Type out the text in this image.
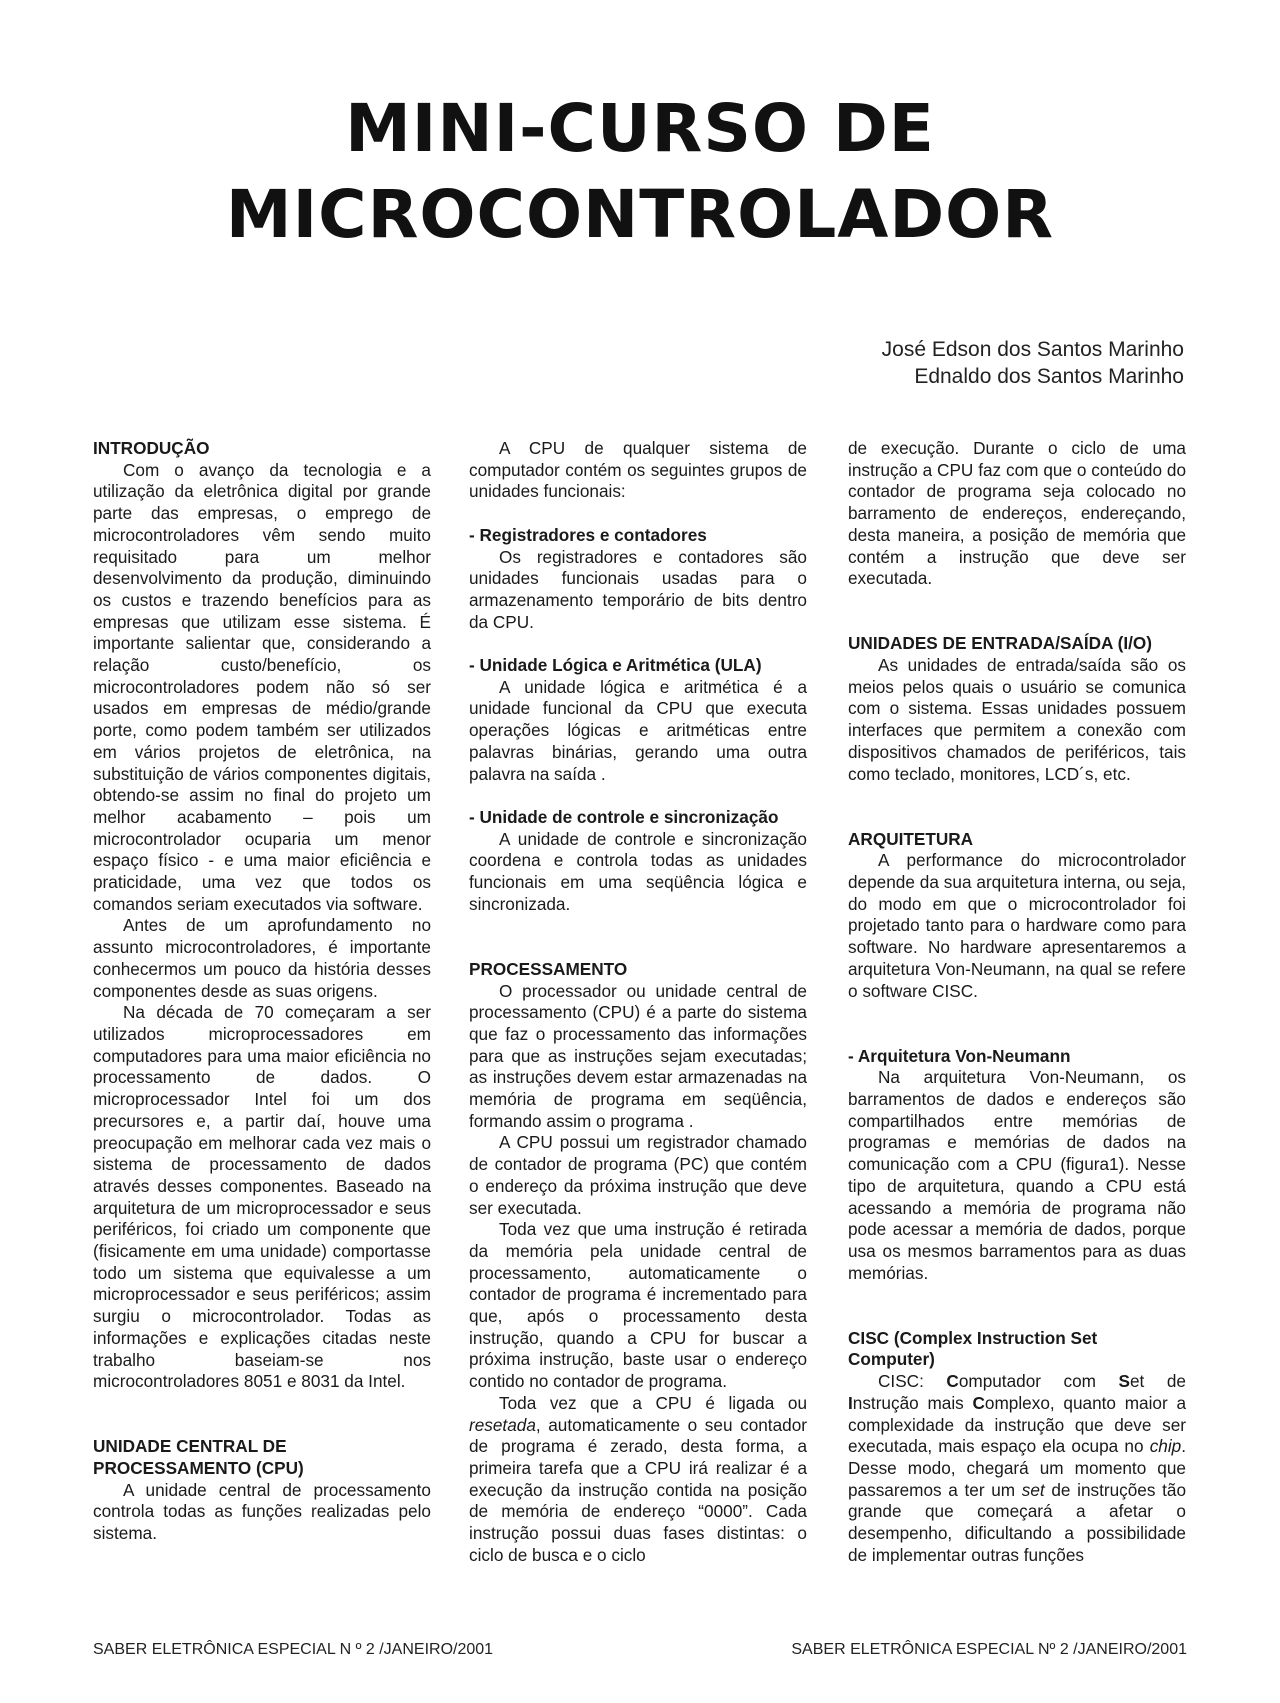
MINI-CURSO DE
MICROCONTROLADOR
José Edson dos Santos Marinho
Ednaldo dos Santos Marinho
INTRODUÇÃO

Com o avanço da tecnologia e a utilização da eletrônica digital por grande parte das empresas, o emprego de microcontroladores vêm sendo muito requisitado para um melhor desenvolvimento da produção, diminuindo os custos e trazendo benefícios para as empresas que utilizam esse sistema. É importante salientar que, considerando a relação custo/benefício, os microcontroladores podem não só ser usados em empresas de médio/grande porte, como podem também ser utilizados em vários projetos de eletrônica, na substituição de vários componentes digitais, obtendo-se assim no final do projeto um melhor acabamento – pois um microcontrolador ocuparia um menor espaço físico - e uma maior eficiência e praticidade, uma vez que todos os comandos seriam executados via software.

Antes de um aprofundamento no assunto microcontroladores, é importante conhecermos um pouco da história desses componentes desde as suas origens.

Na década de 70 começaram a ser utilizados microprocessadores em computadores para uma maior eficiência no processamento de dados. O microprocessador Intel foi um dos precursores e, a partir daí, houve uma preocupação em melhorar cada vez mais o sistema de processamento de dados através desses componentes. Baseado na arquitetura de um microprocessador e seus periféricos, foi criado um componente que (fisicamente em uma unidade) comportasse todo um sistema que equivalesse a um microprocessador e seus periféricos; assim surgiu o microcontrolador. Todas as informações e explicações citadas neste trabalho baseiam-se nos microcontroladores 8051 e 8031 da Intel.

UNIDADE CENTRAL DE
PROCESSAMENTO (CPU)

A unidade central de processamento controla todas as funções realizadas pelo sistema.

A CPU de qualquer sistema de computador contém os seguintes grupos de unidades funcionais:

- Registradores e contadores

Os registradores e contadores são unidades funcionais usadas para o armazenamento temporário de bits dentro da CPU.

- Unidade Lógica e Aritmética (ULA)

A unidade lógica e aritmética é a unidade funcional da CPU que executa operações lógicas e aritméticas entre palavras binárias, gerando uma outra palavra na saída .

- Unidade de controle e sincronização

A unidade de controle e sincronização coordena e controla todas as unidades funcionais em uma seqüência lógica e sincronizada.

PROCESSAMENTO

O processador ou unidade central de processamento (CPU) é a parte do sistema que faz o processamento das informações para que as instruções sejam executadas; as instruções devem estar armazenadas na memória de programa em seqüência, formando assim o programa .

A CPU possui um registrador chamado de contador de programa (PC) que contém o endereço da próxima instrução que deve ser executada.

Toda vez que uma instrução é retirada da memória pela unidade central de processamento, automaticamente o contador de programa é incrementado para que, após o processamento desta instrução, quando a CPU for buscar a próxima instrução, baste usar o endereço contido no contador de programa.

Toda vez que a CPU é ligada ou resetada, automaticamente o seu contador de programa é zerado, desta forma, a primeira tarefa que a CPU irá realizar é a execução da instrução contida na posição de memória de endereço “0000”. Cada instrução possui duas fases distintas: o ciclo de busca e o ciclo

de execução. Durante o ciclo de uma instrução a CPU faz com que o conteúdo do contador de programa seja colocado no barramento de endereços, endereçando, desta maneira, a posição de memória que contém a instrução que deve ser executada.

UNIDADES DE ENTRADA/SAÍDA (I/O)

As unidades de entrada/saída são os meios pelos quais o usuário se comunica com o sistema. Essas unidades possuem interfaces que permitem a conexão com dispositivos chamados de periféricos, tais como teclado, monitores, LCD´s, etc.

ARQUITETURA

A performance do microcontrolador depende da sua arquitetura interna, ou seja, do modo em que o microcontrolador foi projetado tanto para o hardware como para software. No hardware apresentaremos a arquitetura Von-Neumann, na qual se refere o software CISC.

- Arquitetura Von-Neumann

Na arquitetura Von-Neumann, os barramentos de dados e endereços são compartilhados entre memórias de programas e memórias de dados na comunicação com a CPU (figura1). Nesse tipo de arquitetura, quando a CPU está acessando a memória de programa não pode acessar a memória de dados, porque usa os mesmos barramentos para as duas memórias.

CISC (Complex Instruction Set
Computer)

CISC: Computador com Set de Instrução mais Complexo, quanto maior a complexidade da instrução que deve ser executada, mais espaço ela ocupa no chip. Desse modo, chegará um momento que passaremos a ter um set de instruções tão grande que começará a afetar o desempenho, dificultando a possibilidade de implementar outras funções

SABER ELETRÔNICA ESPECIAL N º 2 /JANEIRO/2001	SABER ELETRÔNICA ESPECIAL Nº 2 /JANEIRO/2001
